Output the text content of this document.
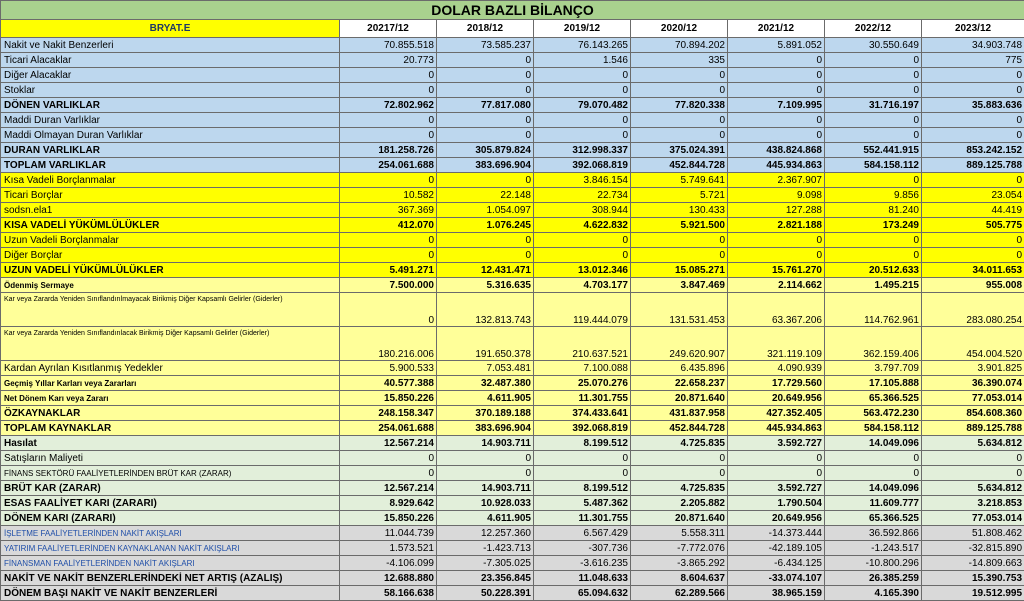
DOLAR BAZLI BİLANÇO							
BRYAT.E	20217/12	2018/12	2019/12	2020/12	2021/12	2022/12	2023/12
Nakit ve Nakit Benzerleri	70.855.518	73.585.237	76.143.265	70.894.202	5.891.052	30.550.649	34.903.748
Ticari Alacaklar	20.773	0	1.546	335	0	0	775
Diğer Alacaklar	0	0	0	0	0	0	0
Stoklar	0	0	0	0	0	0	0
DÖNEN VARLIKLAR	72.802.962	77.817.080	79.070.482	77.820.338	7.109.995	31.716.197	35.883.636
Maddi Duran Varlıklar	0	0	0	0	0	0	0
Maddi Olmayan Duran Varlıklar	0	0	0	0	0	0	0
DURAN VARLIKLAR	181.258.726	305.879.824	312.998.337	375.024.391	438.824.868	552.441.915	853.242.152
TOPLAM VARLIKLAR	254.061.688	383.696.904	392.068.819	452.844.728	445.934.863	584.158.112	889.125.788
Kısa Vadeli Borçlanmalar	0	0	3.846.154	5.749.641	2.367.907	0	0
Ticari Borçlar	10.582	22.148	22.734	5.721	9.098	9.856	23.054
sodsn.ela1	367.369	1.054.097	308.944	130.433	127.288	81.240	44.419
KISA VADELİ YÜKÜMLÜLÜKLER	412.070	1.076.245	4.622.832	5.921.500	2.821.188	173.249	505.775
Uzun Vadeli Borçlanmalar	0	0	0	0	0	0	0
Diğer Borçlar	0	0	0	0	0	0	0
UZUN VADELİ YÜKÜMLÜLÜKLER	5.491.271	12.431.471	13.012.346	15.085.271	15.761.270	20.512.633	34.011.653
Ödenmiş Sermaye	7.500.000	5.316.635	4.703.177	3.847.469	2.114.662	1.495.215	955.008

Kar veya Zararda Yeniden Sınıflandırılmayacak Birikmiş Diğer Kapsamlı Gelirler (Giderler)	0	132.813.743	119.444.079	131.531.453	63.367.206	114.762.961	283.080.254

Kar veya Zararda Yeniden Sınıflandırılacak Birikmiş Diğer Kapsamlı Gelirler (Giderler)	180.216.006	191.650.378	210.637.521	249.620.907	321.119.109	362.159.406	454.004.520
Kardan Ayrılan Kısıtlanmış Yedekler	5.900.533	7.053.481	7.100.088	6.435.896	4.090.939	3.797.709	3.901.825
Geçmiş Yıllar Karları veya Zararları	40.577.388	32.487.380	25.070.276	22.658.237	17.729.560	17.105.888	36.390.074
Net Dönem Karı veya Zararı	15.850.226	4.611.905	11.301.755	20.871.640	20.649.956	65.366.525	77.053.014
ÖZKAYNAKLAR	248.158.347	370.189.188	374.433.641	431.837.958	427.352.405	563.472.230	854.608.360
TOPLAM KAYNAKLAR	254.061.688	383.696.904	392.068.819	452.844.728	445.934.863	584.158.112	889.125.788
Hasılat	12.567.214	14.903.711	8.199.512	4.725.835	3.592.727	14.049.096	5.634.812
Satışların Maliyeti	0	0	0	0	0	0	0
FİNANS SEKTÖRÜ FAALİYETLERİNDEN BRÜT KAR (ZARAR)	0	0	0	0	0	0	0
BRÜT KAR (ZARAR)	12.567.214	14.903.711	8.199.512	4.725.835	3.592.727	14.049.096	5.634.812
ESAS FAALİYET KARI (ZARARI)	8.929.642	10.928.033	5.487.362	2.205.882	1.790.504	11.609.777	3.218.853
DÖNEM KARI (ZARARI)	15.850.226	4.611.905	11.301.755	20.871.640	20.649.956	65.366.525	77.053.014
İŞLETME FAALİYETLERİNDEN NAKİT AKIŞLARI	11.044.739	12.257.360	6.567.429	5.558.311	-14.373.444	36.592.866	51.808.462
YATIRIM FAALİYETLERİNDEN KAYNAKLANAN NAKİT AKIŞLARI	1.573.521	-1.423.713	-307.736	-7.772.076	-42.189.105	-1.243.517	-32.815.890
FİNANSMAN FAALİYETLERİNDEN NAKİT AKIŞLARI	-4.106.099	-7.305.025	-3.616.235	-3.865.292	-6.434.125	-10.800.296	-14.809.663
NAKİT VE NAKİT BENZERLERİNDEKİ NET ARTIŞ (AZALIŞ)	12.688.880	23.356.845	11.048.633	8.604.637	-33.074.107	26.385.259	15.390.753
DÖNEM BAŞI NAKİT VE NAKİT BENZERLERİ	58.166.638	50.228.391	65.094.632	62.289.566	38.965.159	4.165.390	19.512.995
